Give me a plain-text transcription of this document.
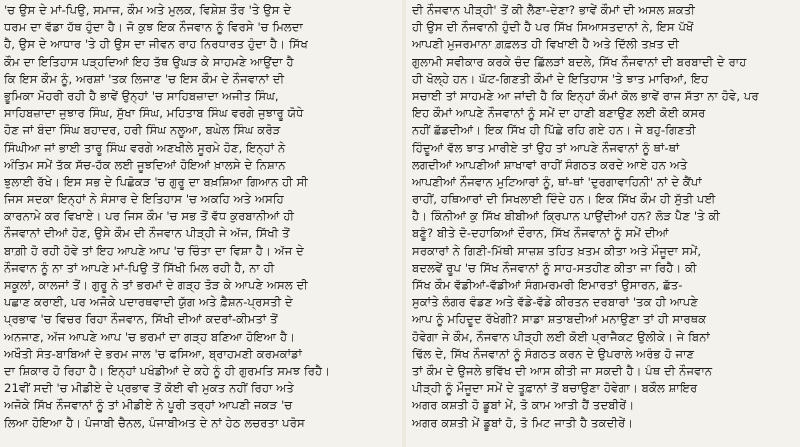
'ਚ ਉਸ ਦੇ ਮਾਂ-ਪਿਉ, ਸਮਾਜ, ਕੌਮ ਅਤੇ ਮੁਲਕ, ਵਿਸ਼ੇਸ਼ ਤੌਰ 'ਤੇ ਉਸ ਦੇ
ਧਰਮ ਦਾ ਵੱਡਾ ਹੱਥ ਹੁੰਦਾ ਹੈ। ਜੋ ਕੁਝ ਇਕ ਨੌਜਵਾਨ ਨੂੰ ਵਿਰਸੇ 'ਚ ਮਿਲਦਾ
ਹੈ, ਉਸ ਦੇ ਆਧਾਰ 'ਤੇ ਹੀ ਉਸ ਦਾ ਜੀਵਨ ਰਾਹ ਨਿਰਧਾਰਤ ਹੁੰਦਾ ਹੈ। ਸਿੱਖ
ਕੌਮ ਦਾ ਇਤਿਹਾਸ ਪੜ੍ਹਦਿਆਂ ਇਹ ਤੱਥ ਉਘੜ ਕੇ ਸਾਹਮਣੇ ਆਉਂਦਾ ਹੈ
ਕਿ ਇਸ ਕੌਮ ਨੂੰ, ਅਰਸ਼ਾਂ 'ਤਕ ਲਿਜਾਣ 'ਚ ਇਸ ਕੌਮ ਦੇ ਨੌਜਵਾਨਾਂ ਦੀ
ਭੂਮਿਕਾ ਮੋਹਰੀ ਰਹੀ ਹੈ ਭਾਵੇਂ ਉਨ੍ਹਾਂ 'ਚ ਸਾਹਿਬਜ਼ਾਦਾ ਅਜੀਤ ਸਿੰਘ,
ਸਾਹਿਬਜ਼ਾਦਾ ਜੁਝਾਰ ਸਿੰਘ, ਸੁੱਖਾ ਸਿੰਘ, ਮਹਿਤਾਬ ਸਿੰਘ ਵਰਗੇ ਜੁਝਾਰੂ ਯੋਧੇ
ਹੋਣ ਜਾਂ ਬੰਦਾ ਸਿੰਘ ਬਹਾਦਰ, ਹਰੀ ਸਿੰਘ ਨਲੂਆ, ਬਘੇਲ ਸਿੰਘ ਕਰੋੜ
ਸਿੰਘੀਆ ਜਾਂ ਭਾਈ ਤਾਰੂ ਸਿੰਘ ਵਰਗੇ ਅਣਖੀਲੇ ਸੂਰਮੇ ਹੋਣ, ਇਨ੍ਹਾਂ ਨੇ
ਅੰਤਿਮ ਸਮੇਂ ਤੱਕ ਸੱਚ-ਹੱਕ ਲਈ ਜੂਝਦਿਆਂ ਹੋਇਆਂ ਖ਼ਾਲਸੇ ਦੇ ਨਿਸ਼ਾਨ
ਝੁਲਾਈ ਰੱਖੇ। ਇਸ ਸਭ ਦੇ ਪਿਛੋਕੜ 'ਚ ਗੁਰੂ ਦਾ ਬਖ਼ਸ਼ਿਆ ਗਿਆਨ ਹੀ ਸੀ
ਜਿਸ ਸਦਕਾ ਇਨ੍ਹਾਂ ਨੇ ਸੰਸਾਰ ਦੇ ਇਤਿਹਾਸ 'ਚ ਅਕਹਿ ਅਤੇ ਅਸਹਿ
ਕਾਰਨਾਮੇ ਕਰ ਵਿਖਾਏ। ਪਰ ਜਿਸ ਕੌਮ 'ਚ ਸਭ ਤੋਂ ਵੱਧ ਕੁਰਬਾਨੀਆਂ ਹੀ
ਨੌਜਵਾਨਾਂ ਦੀਆਂ ਹੋਣ, ਉਸੇ ਕੌਮ ਦੀ ਨੌਜਵਾਨ ਪੀੜ੍ਹੀ ਜੇ ਅੱਜ, ਸਿੱਖੀ ਤੋਂ
ਬਾਗ਼ੀ ਹੋ ਰਹੀ ਹੋਵੇ ਤਾਂ ਇਹ ਆਪਣੇ ਆਪ 'ਚ ਚਿੰਤਾ ਦਾ ਵਿਸ਼ਾ ਹੈ। ਅੱਜ ਦੇ
ਨੌਜਵਾਨ ਨੂੰ ਨਾ ਤਾਂ ਆਪਣੇ ਮਾਂ-ਪਿਉ ਤੋਂ ਸਿੱਖੀ ਮਿਲ ਰਹੀ ਹੈ, ਨਾ ਹੀ
ਸਕੂਲਾਂ, ਕਾਲਜਾਂ ਤੋਂ। ਗੁਰੂ ਨੇ ਤਾਂ ਭਰਮਾਂ ਦੇ ਗੜ੍ਹ ਤੋੜ ਕੇ ਆਪਣੇ ਅਸਲ ਦੀ
ਪਛਾਣ ਕਰਾਈ, ਪਰ ਅਜੋਕੇ ਪਦਾਰਥਵਾਦੀ ਯੁੱਗ ਅਤੇ ਫ਼ੈਸ਼ਨ-ਪ੍ਰਸਤੀ ਦੇ
ਪ੍ਰਭਾਵ 'ਚ ਵਿਚਰ ਰਿਹਾ ਨੌਜਵਾਨ, ਸਿੱਖੀ ਦੀਆਂ ਕਦਰਾਂ-ਕੀਮਤਾਂ ਤੋਂ
ਅਨਜਾਣ, ਅੱਜ ਆਪਣੇ ਆਪ 'ਚ ਭਰਮਾਂ ਦਾ ਗੜ੍ਹ ਬਣਿਆ ਹੋਇਆ ਹੈ।
ਅਖੌਤੀ ਸੰਤ-ਬਾਬਿਆਂ ਦੇ ਭਰਮ ਜਾਲ 'ਚ ਫਸਿਆ, ਬ੍ਰਾਹਮਣੀ ਕਰਮਕਾਂਡਾਂ
ਦਾ ਸ਼ਿਕਾਰ ਹੋ ਰਿਹਾ ਹੈ। ਇਨ੍ਹਾਂ ਪਖੰਡੀਆਂ ਦੇ ਕਹੇ ਨੂੰ ਹੀ ਗੁਰਮਤਿ ਸਮਝ ਰਿਹੈ।
21ਵੀਂ ਸਦੀ 'ਚ ਮੀਡੀਏ ਦੇ ਪ੍ਰਭਾਵ ਤੋਂ ਕੋਈ ਵੀ ਮੁਕਤ ਨਹੀਂ ਰਿਹਾ ਅਤੇ
ਅਜੋਕੇ ਸਿੱਖ ਨੌਜਵਾਨਾਂ ਨੂੰ ਤਾਂ ਮੀਡੀਏ ਨੇ ਪੂਰੀ ਤਰ੍ਹਾਂ ਆਪਣੀ ਜਕੜ 'ਚ
ਲਿਆ ਹੋਇਆ ਹੈ। ਪੰਜਾਬੀ ਚੈਨਲ, ਪੰਜਾਬੀਅਤ ਦੇ ਨਾਂ ਹੇਠ ਲਚਰਤਾ ਪਰੋਸ
ਦੀ ਨੌਜਵਾਨ ਪੀੜ੍ਹੀ' ਤੋਂ ਕੀ ਲੈਣਾ-ਦੇਣਾ? ਭਾਵੇਂ ਕੌਮਾਂ ਦੀ ਅਸਲ ਸ਼ਕਤੀ
ਹੀ ਉਸ ਦੀ ਨੌਜਵਾਨੀ ਹੁੰਦੀ ਹੈ ਪਰ ਸਿੱਖ ਸਿਆਸਤਦਾਨਾਂ ਨੇ, ਇਸ ਪੱਖੋਂ
ਆਪਣੀ ਮੁਜਰਮਾਨਾ ਗ਼ਫ਼ਲਤ ਹੀ ਵਿਖਾਈ ਹੈ ਅਤੇ ਦਿੱਲੀ ਤਖ਼ਤ ਦੀ
ਗੁਲਾਮੀ ਸਵੀਕਾਰ ਕਰਕੇ ਚੰਦ ਛਿੱਲੜਾਂ ਬਦਲੇ, ਸਿੱਖ ਨੌਜਵਾਨਾਂ ਦੀ ਬਰਬਾਦੀ ਦੇ ਰਾਹ
ਹੀ ਖੋਲ੍ਹੇ ਹਨ। ਘੱਟ-ਗਿਣਤੀ ਕੌਮਾਂ ਦੇ ਇਤਿਹਾਸ 'ਤੇ ਝਾਤ ਮਾਰਿਆਂ, ਇਹ
ਸਚਾਈ ਤਾਂ ਸਾਹਮਣੇ ਆ ਜਾਂਦੀ ਹੈ ਕਿ ਇਨ੍ਹਾਂ ਕੌਮਾਂ ਕੋਲ ਭਾਵੇਂ ਰਾਜ ਸੱਤਾ ਨਾ ਹੋਵੇ, ਪਰ
ਇਹ ਕੌਮਾਂ ਆਪਣੇ ਨੌਜਵਾਨਾਂ ਨੂੰ ਸਮੇਂ ਦਾ ਹਾਣੀ ਬਣਾਉਣ ਲਈ ਕੋਈ ਕਸਰ
ਨਹੀਂ ਛੱਡਦੀਆਂ। ਇਕ ਸਿੱਖ ਹੀ ਪਿੱਛੇ ਰਹਿ ਗਏ ਹਨ। ਜੇ ਬਹੁ-ਗਿਣਤੀ
ਹਿੰਦੂਆਂ ਵੱਲ ਝਾਤ ਮਾਰੀਏ ਤਾਂ ਉਹ ਤਾਂ ਆਪਣੇ ਨੌਜਵਾਨਾਂ ਨੂੰ ਥਾਂ-ਥਾਂ
ਲਗਦੀਆਂ ਆਪਣੀਆਂ ਸ਼ਾਖਾਵਾਂ ਰਾਹੀਂ ਸੰਗਠਤ ਕਰਦੇ ਆਏ ਹਨ ਅਤੇ
ਆਪਣੀਆਂ ਨੌਜਵਾਨ ਮੁਟਿਆਰਾਂ ਨੂੰ, ਥਾਂ-ਥਾਂ 'ਦੁਰਗਾਵਾਹਿਨੀ' ਨਾਂ ਦੇ ਕੈਂਪਾਂ
ਰਾਹੀਂ, ਹਥਿਆਰਾਂ ਦੀ ਸਿਖਲਾਈ ਦਿੰਦੇ ਹਨ। ਇਕ ਸਿੱਖ ਕੌਮ ਹੀ ਸੁੱਤੀ ਪਈ
ਹੈ। ਕਿੰਨੀਆਂ ਕੁ ਸਿੱਖ ਬੀਬੀਆਂ ਕ੍ਰਿਪਾਨ ਪਾਉਂਦੀਆਂ ਹਨ? ਲੋੜ ਪੈਣ 'ਤੇ ਕੀ
ਬਣੂੰ? ਬੀਤੇ ਦੋ-ਦਹਾਕਿਆਂ ਦੌਰਾਨ, ਸਿੱਖ ਨੌਜਵਾਨਾਂ ਨੂੰ ਸਮੇਂ ਦੀਆਂ
ਸਰਕਾਰਾਂ ਨੇ ਗਿਣੀ-ਮਿੱਥੀ ਸਾਜ਼ਸ਼ ਤਹਿਤ ਖ਼ਤਮ ਕੀਤਾ ਅਤੇ ਮੌਜੂਦਾ ਸਮੇਂ,
ਬਦਲਵੇਂ ਰੂਪ 'ਚ ਸਿੱਖ ਨੌਜਵਾਨਾਂ ਨੂੰ ਸਾਹ-ਸਤਹੀਣ ਕੀਤਾ ਜਾ ਰਿਹੈ। ਕੀ
ਸਿੱਖ ਕੌਮ ਵੱਡੀਆਂ-ਵੱਡੀਆਂ ਸੰਗਮਰਮਰੀ ਇਮਾਰਤਾਂ ਉਸਾਰਨ, ਛੱਤ-
ਸੁਕਾਂਤੇ ਲੰਗਰ ਵੰਡਣ ਅਤੇ ਵੱਡੇ-ਵੱਡੇ ਕੀਰਤਨ ਦਰਬਾਰਾਂ 'ਤਕ ਹੀ ਆਪਣੇ
ਆਪ ਨੂੰ ਮਹਿਦੂਦ ਰੱਖੇਗੀ? ਸਾਡਾ ਸ਼ਤਾਬਦੀਆਂ ਮਨਾਉਣਾ ਤਾਂ ਹੀ ਸਾਰਥਕ
ਹੋਵੇਗਾ ਜੇ ਕੌਮ, ਨੌਜਵਾਨ ਪੀੜ੍ਹੀ ਲਈ ਕੋਈ ਪ੍ਰਾਜੈਕਟ ਉਲੀਕੇ। ਜੇ ਬਿਨਾਂ
ਢਿੱਲ ਦੇ, ਸਿੱਖ ਨੌਜਵਾਨਾਂ ਨੂੰ ਸੰਗਠਤ ਕਰਨ ਦੇ ਉਪਰਾਲੇ ਅਰੰਭ ਹੋ ਜਾਣ
ਤਾਂ ਕੌਮ ਦੇ ਉਜਲੇ ਭਵਿੱਖ ਦੀ ਆਸ ਕੀਤੀ ਜਾ ਸਕਦੀ ਹੈ। ਪੰਥ ਦੀ ਨੌਜਵਾਨ
ਪੀੜ੍ਹੀ ਨੂੰ ਮੌਜੂਦਾ ਸਮੇਂ ਦੇ ਤੂਫ਼ਾਨਾਂ ਤੋਂ ਬਚਾਉਣਾ ਹੋਵੇਗਾ। ਬਕੌਲ ਸ਼ਾਇਰ
ਅਗਰ ਕਸ਼ਤੀ ਹੋ ਡੂਬਾਂ ਮੇਂ, ਤੋ ਕਾਮ ਆਤੀ ਹੈਂ ਤਦਬੀਰੇਂ।
ਅਗਰ ਕਸ਼ਤੀ ਮੇਂ ਡੂਬਾਂ ਹੋ, ਤੋ ਮਿਟ ਜਾਤੀ ਹੈ ਤਕਦੀਰੇਂ।
